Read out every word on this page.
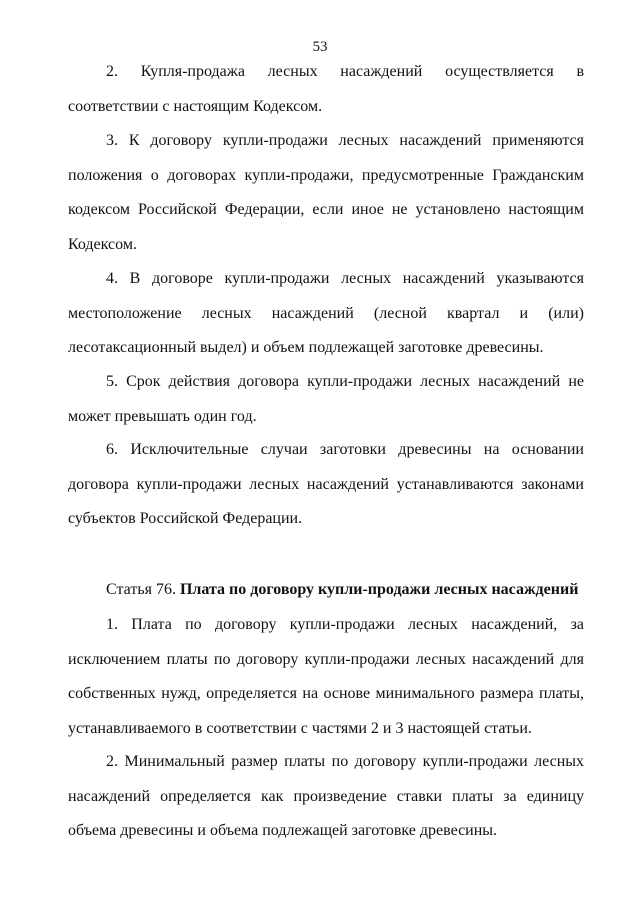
53

2. Купля-продажа лесных насаждений осуществляется в соответствии с настоящим Кодексом.

3. К договору купли-продажи лесных насаждений применяются положения о договорах купли-продажи, предусмотренные Гражданским кодексом Российской Федерации, если иное не установлено настоящим Кодексом.

4. В договоре купли-продажи лесных насаждений указываются местоположение лесных насаждений (лесной квартал и (или) лесотаксационный выдел) и объем подлежащей заготовке древесины.

5. Срок действия договора купли-продажи лесных насаждений не может превышать один год.

6. Исключительные случаи заготовки древесины на основании договора купли-продажи лесных насаждений устанавливаются законами субъектов Российской Федерации.

Статья 76. Плата по договору купли-продажи лесных насаждений

1. Плата по договору купли-продажи лесных насаждений, за исключением платы по договору купли-продажи лесных насаждений для собственных нужд, определяется на основе минимального размера платы, устанавливаемого в соответствии с частями 2 и 3 настоящей статьи.

2. Минимальный размер платы по договору купли-продажи лесных насаждений определяется как произведение ставки платы за единицу объема древесины и объема подлежащей заготовке древесины.
